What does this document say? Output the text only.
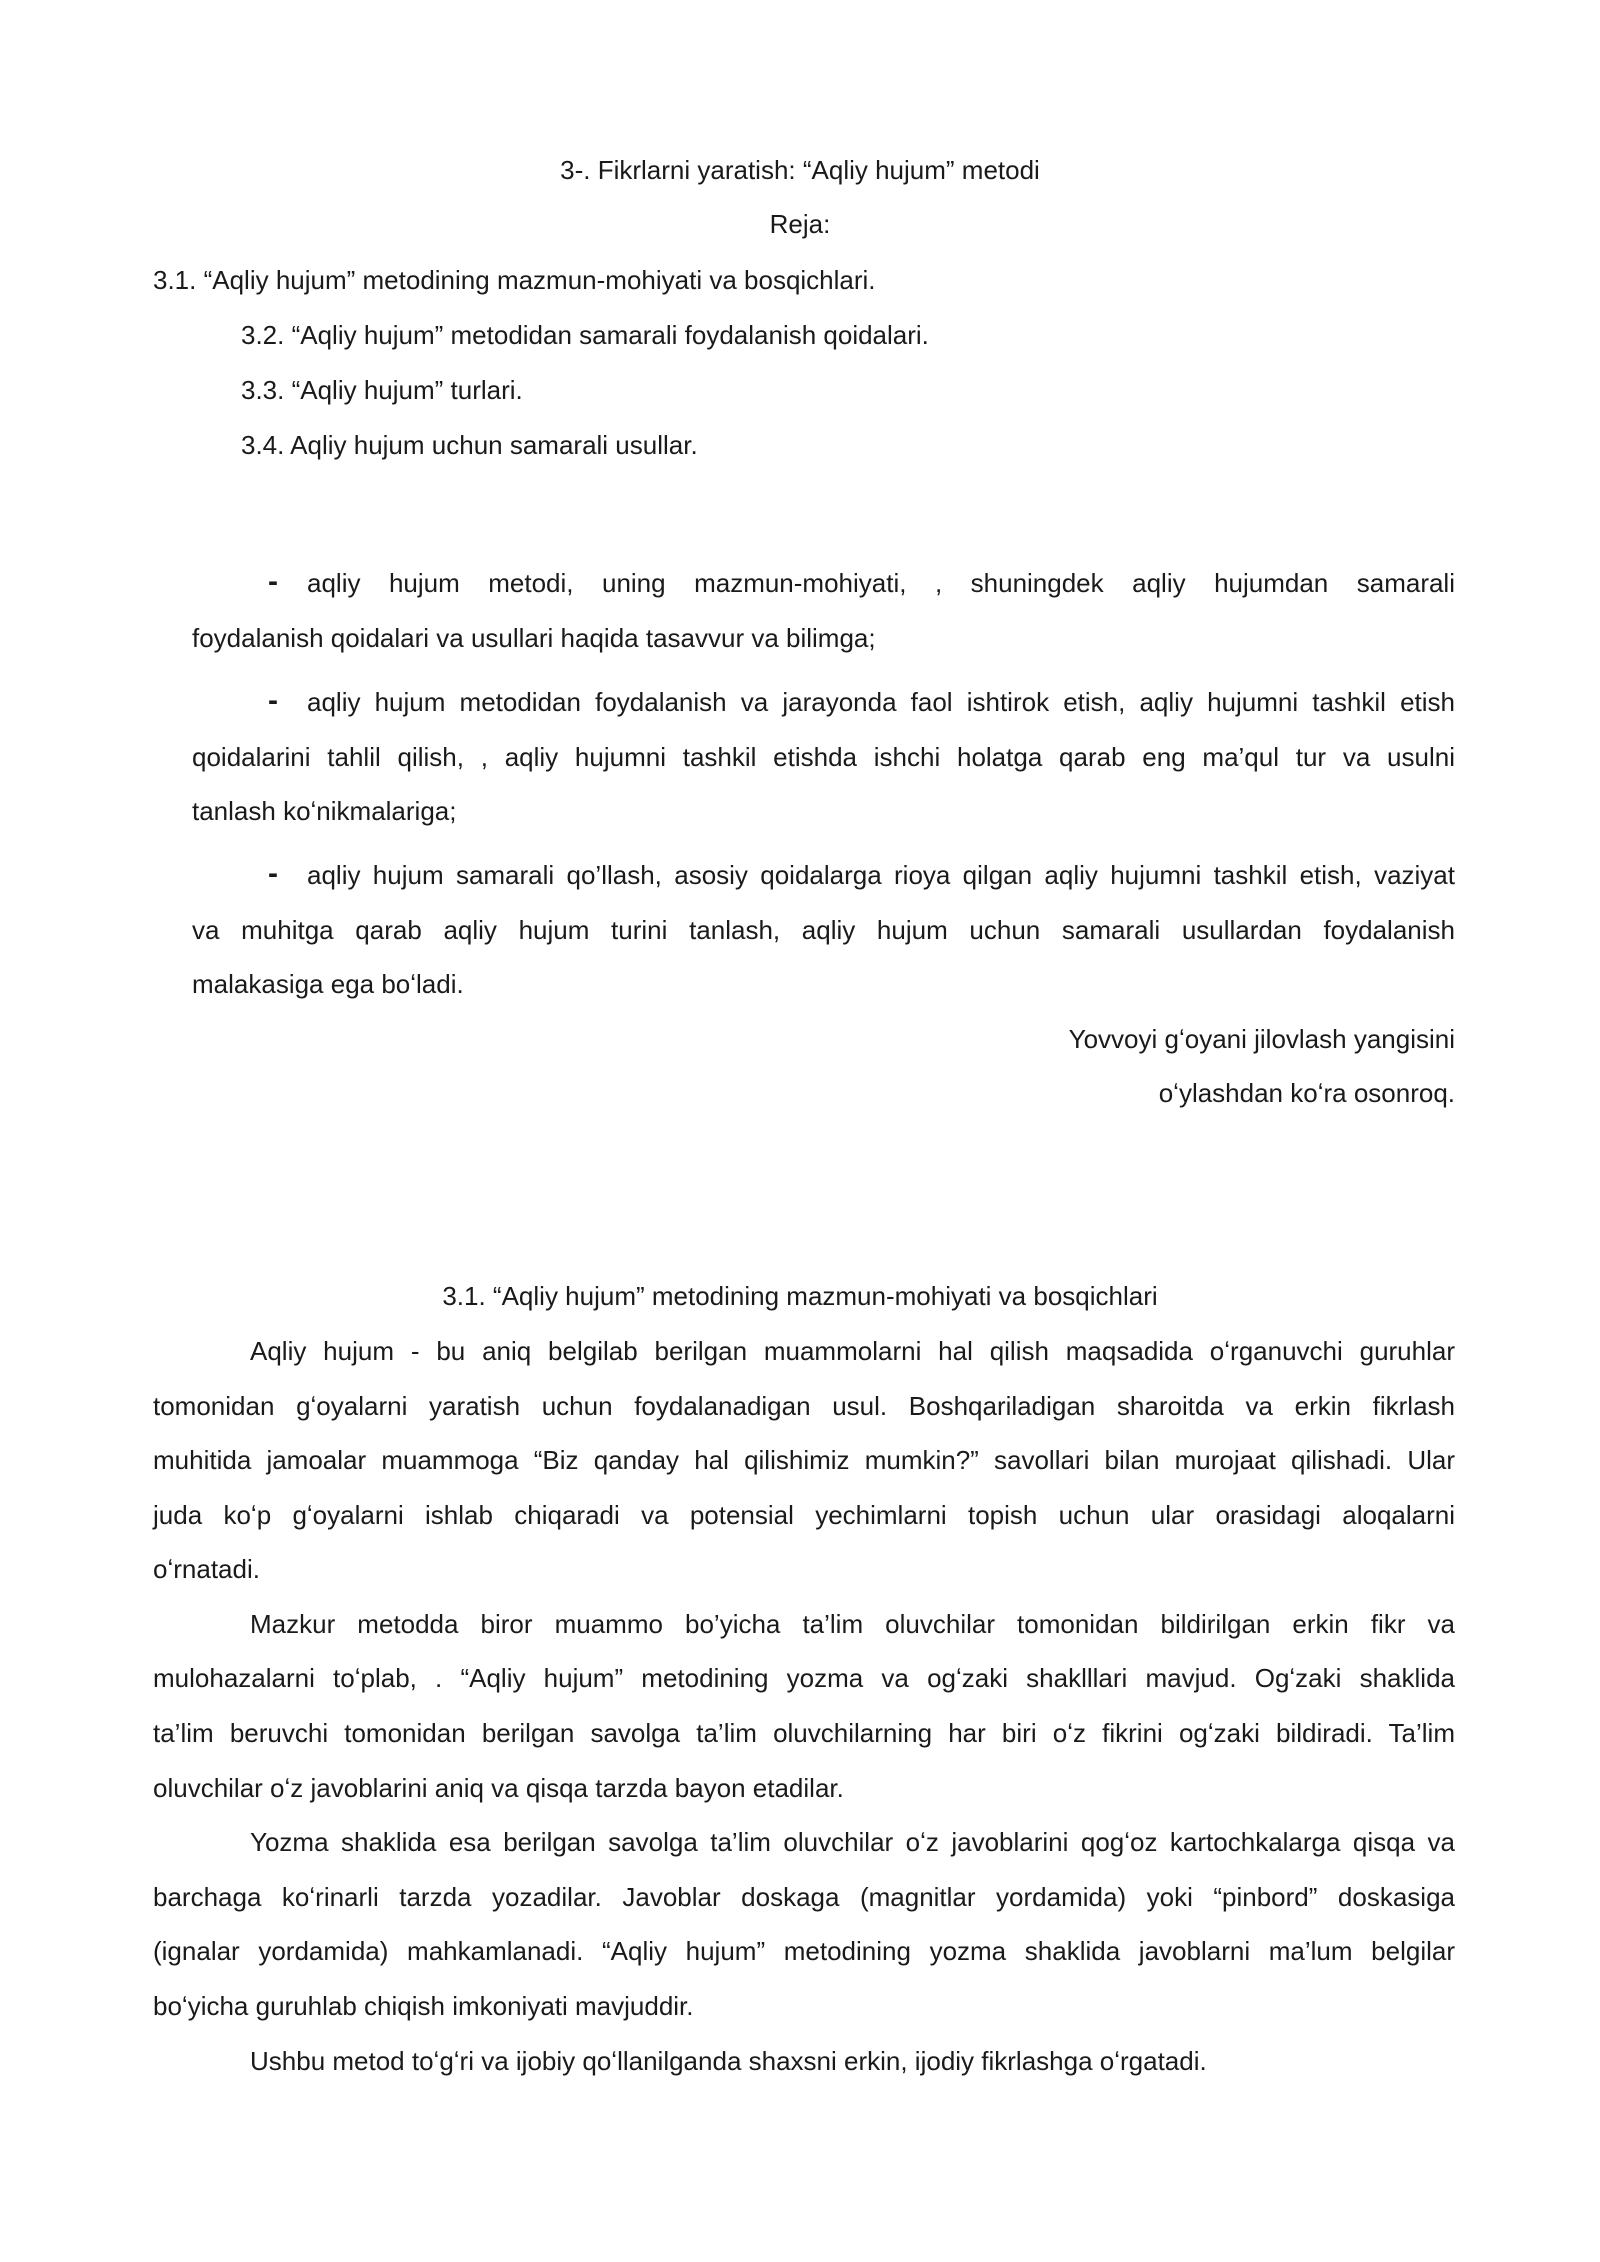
3-. Fikrlarni yaratish: “Aqliy hujum” metodi
Reja:
3.1. “Aqliy hujum” metodining mazmun-mohiyati va bosqichlari.
3.2. “Aqliy hujum” metodidan samarali foydalanish qoidalari.
3.3. “Aqliy hujum” turlari.
3.4. Aqliy hujum uchun samarali usullar.
- aqliy hujum metodi, uning mazmun-mohiyati, , shuningdek aqliy hujumdan samarali
foydalanish qoidalari va usullari haqida tasavvur va bilimga;
- aqliy hujum metodidan foydalanish va jarayonda faol ishtirok etish, aqliy hujumni tashkil etish
qoidalarini tahlil qilish, , aqliy hujumni tashkil etishda ishchi holatga qarab eng ma’qul tur va usulni
tanlash koʻnikmalariga;
- aqliy hujum samarali qo’llash, asosiy qoidalarga rioya qilgan aqliy hujumni tashkil etish, vaziyat
va muhitga qarab aqliy hujum turini tanlash, aqliy hujum uchun samarali usullardan foydalanish
malakasiga ega boʻladi.
Yovvoyi gʻoyani jilovlash yangisini
oʻylashdan koʻra osonroq.
3.1. “Aqliy hujum” metodining mazmun-mohiyati va bosqichlari
Aqliy hujum - bu aniq belgilab berilgan muammolarni hal qilish maqsadida oʻrganuvchi guruhlar
tomonidan gʻoyalarni yaratish uchun foydalanadigan usul. Boshqariladigan sharoitda va erkin fikrlash
muhitida jamoalar muammoga “Biz qanday hal qilishimiz mumkin?” savollari bilan murojaat qilishadi. Ular
juda koʻp gʻoyalarni ishlab chiqaradi va potensial yechimlarni topish uchun ular orasidagi aloqalarni
oʻrnatadi.
Mazkur metodda biror muammo bo’yicha ta’lim oluvchilar tomonidan bildirilgan erkin fikr va
mulohazalarni toʻplab, . “Aqliy hujum” metodining yozma va ogʻzaki shaklllari mavjud. Ogʻzaki shaklida
ta’lim beruvchi tomonidan berilgan savolga ta’lim oluvchilarning har biri oʻz fikrini ogʻzaki bildiradi. Ta’lim
oluvchilar oʻz javoblarini aniq va qisqa tarzda bayon etadilar.
Yozma shaklida esa berilgan savolga ta’lim oluvchilar oʻz javoblarini qogʻoz kartochkalarga qisqa va
barchaga koʻrinarli tarzda yozadilar. Javoblar doskaga (magnitlar yordamida) yoki “pinbord” doskasiga
(ignalar yordamida) mahkamlanadi. “Aqliy hujum” metodining yozma shaklida javoblarni ma’lum belgilar
boʻyicha guruhlab chiqish imkoniyati mavjuddir.
Ushbu metod toʻgʻri va ijobiy qoʻllanilganda shaxsni erkin, ijodiy fikrlashga oʻrgatadi.
